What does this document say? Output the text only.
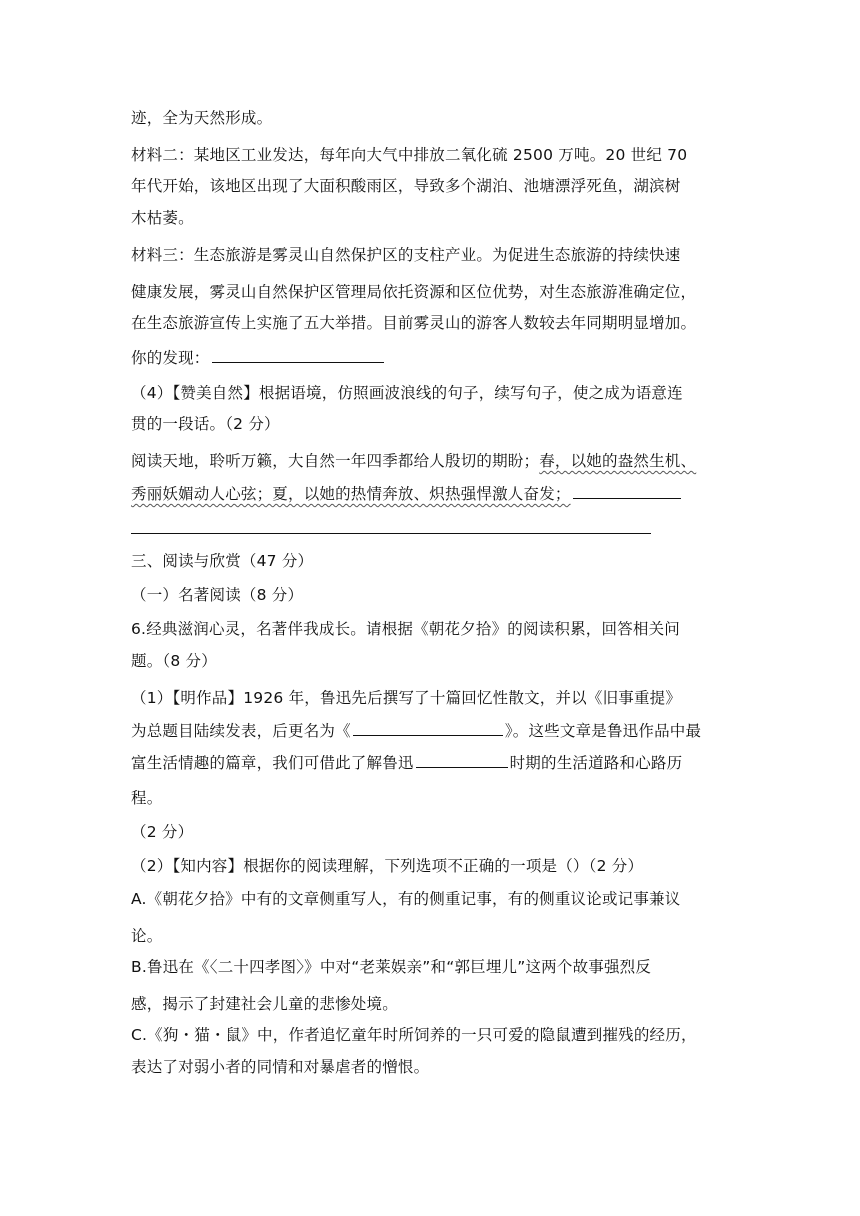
迹，全为天然形成。
材料二：某地区工业发达，每年向大气中排放二氧化硫 2500 万吨。20 世纪 70
年代开始，该地区出现了大面积酸雨区，导致多个湖泊、池塘漂浮死鱼，湖滨树
木枯萎。
材料三：生态旅游是雾灵山自然保护区的支柱产业。为促进生态旅游的持续快速
健康发展，雾灵山自然保护区管理局依托资源和区位优势，对生态旅游准确定位，
在生态旅游宣传上实施了五大举措。目前雾灵山的游客人数较去年同期明显增加。
你的发现：
（4）【赞美自然】根据语境，仿照画波浪线的句子，续写句子，使之成为语意连
贯的一段话。（2 分）
阅读天地，聆听万籁，大自然一年四季都给人殷切的期盼；春，以她的盎然生机、
秀丽妖媚动人心弦；夏，以她的热情奔放、炽热强悍激人奋发；
三、阅读与欣赏（47 分）
（一）名著阅读（8 分）
6.经典滋润心灵，名著伴我成长。请根据《朝花夕拾》的阅读积累，回答相关问
题。（8 分）
（1）【明作品】1926 年，鲁迅先后撰写了十篇回忆性散文，并以《旧事重提》
为总题目陆续发表，后更名为《	》。这些文章是鲁迅作品中最
富生活情趣的篇章，我们可借此了解鲁迅	时期的生活道路和心路历
程。
（2 分）
（2）【知内容】根据你的阅读理解，下列选项不正确的一项是（）（2 分）
A.《朝花夕拾》中有的文章侧重写人，有的侧重记事，有的侧重议论或记事兼议
论。
B.鲁迅在《〈二十四孝图〉》中对“老莱娱亲”和“郭巨埋儿”这两个故事强烈反
感，揭示了封建社会儿童的悲惨处境。
C.《狗・猫・鼠》中，作者追忆童年时所饲养的一只可爱的隐鼠遭到摧残的经历，
表达了对弱小者的同情和对暴虐者的憎恨。
